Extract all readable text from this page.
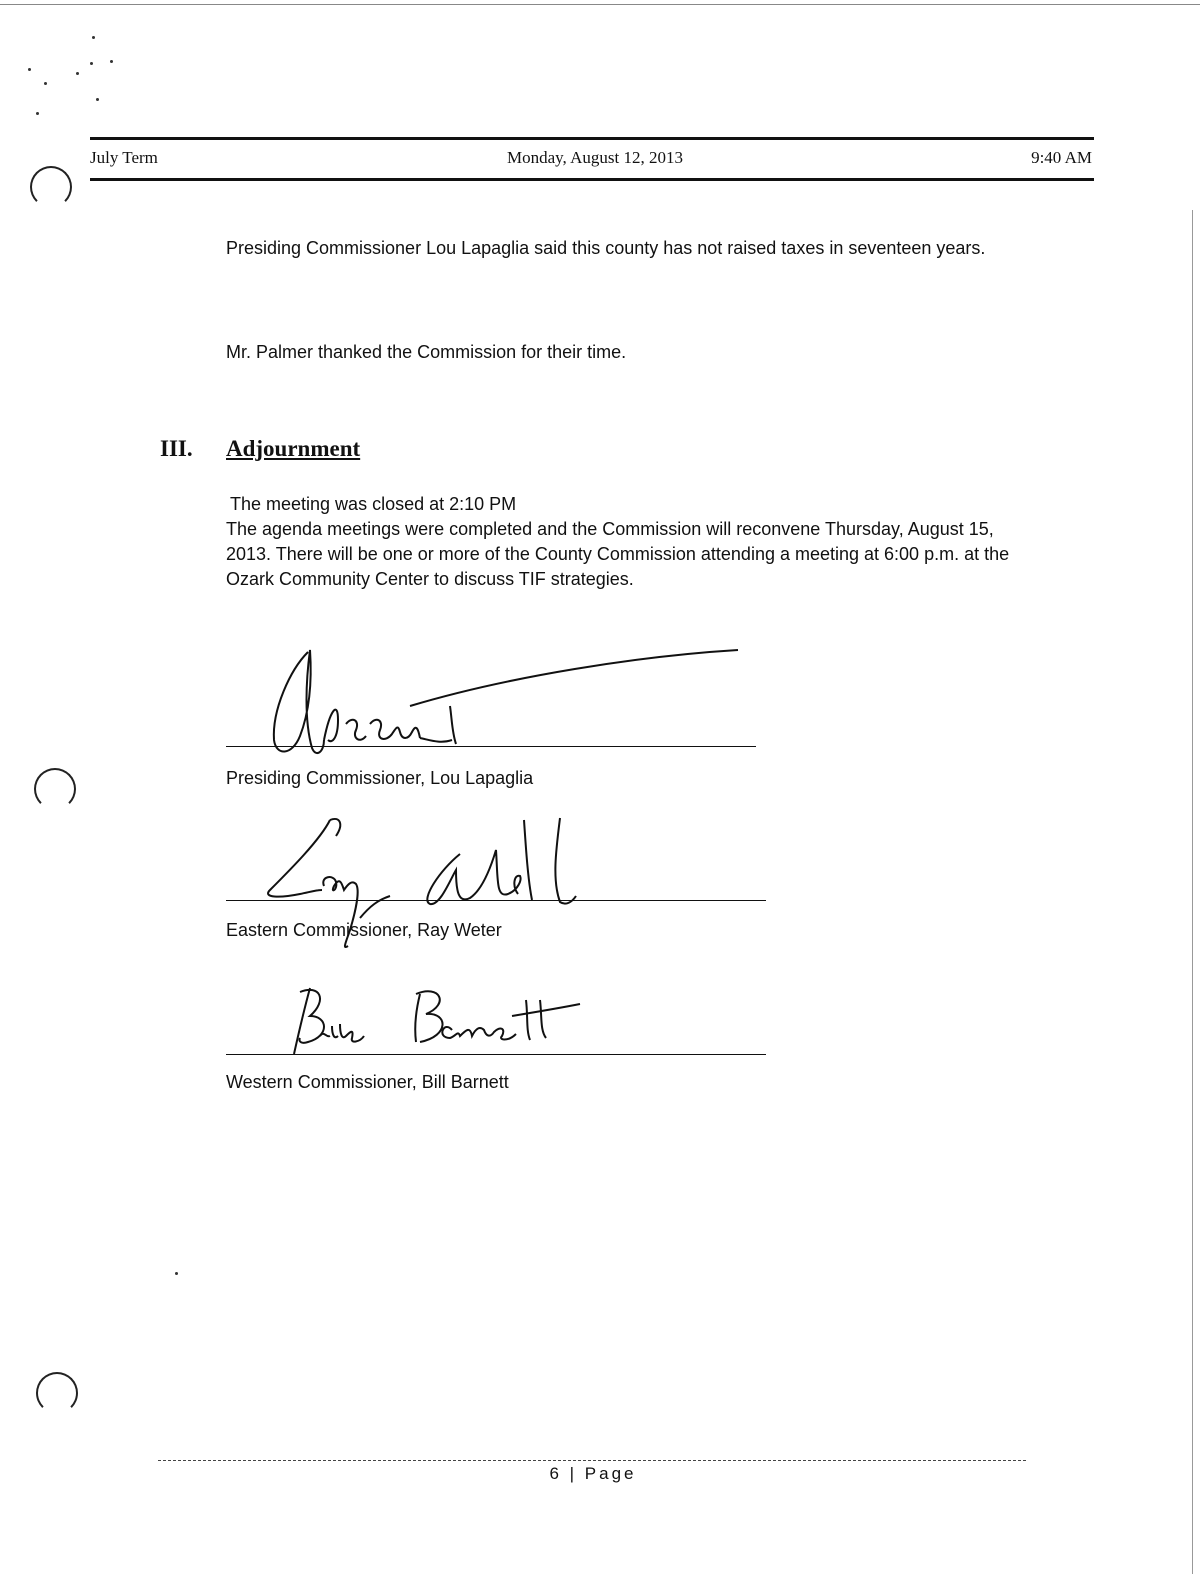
July Term	Monday, August 12, 2013	9:40 AM
Presiding Commissioner Lou Lapaglia said this county has not raised taxes in seventeen years.
Mr. Palmer thanked the Commission for their time.
III. Adjournment
The meeting was closed at 2:10 PM
The agenda meetings were completed and the Commission will reconvene Thursday, August 15, 2013. There will be one or more of the County Commission attending a meeting at 6:00 p.m. at the Ozark Community Center to discuss TIF strategies.
Presiding Commissioner, Lou Lapaglia
Eastern Commissioner, Ray Weter
Western Commissioner, Bill Barnett
6 | Page
